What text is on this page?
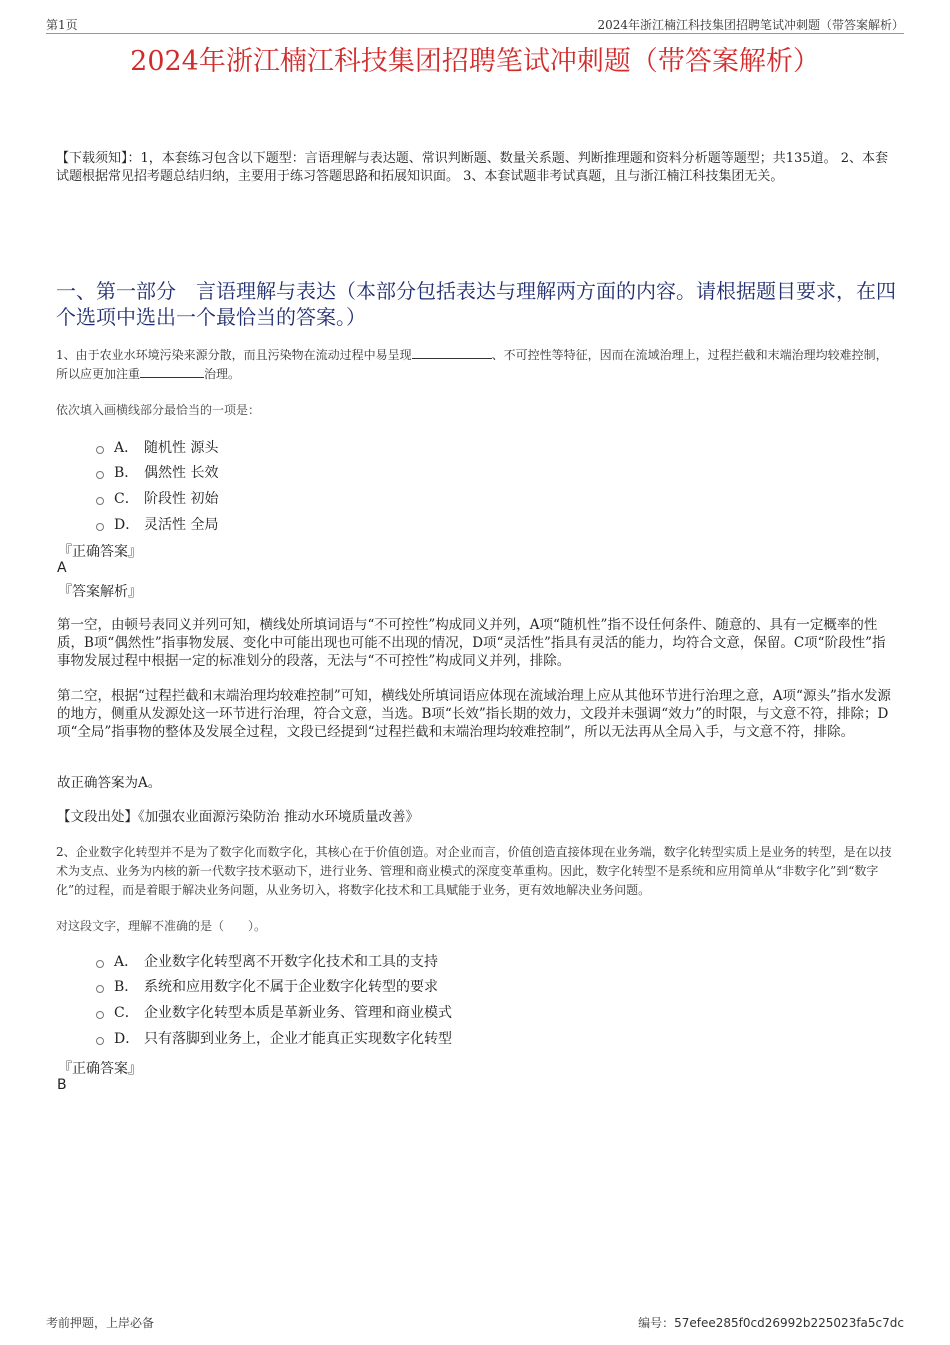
第1页	2024年浙江楠江科技集团招聘笔试冲刺题（带答案解析）
2024年浙江楠江科技集团招聘笔试冲刺题（带答案解析）
【下载须知】：1，本套练习包含以下题型：言语理解与表达题、常识判断题、数量关系题、判断推理题和资料分析题等题型；共135道。 2、本套试题根据常见招考题总结归纳，主要用于练习答题思路和拓展知识面。 3、本套试题非考试真题，且与浙江楠江科技集团无关。
一、第一部分　言语理解与表达（本部分包括表达与理解两方面的内容。请根据题目要求，在四个选项中选出一个最恰当的答案。）
1、由于农业水环境污染来源分散，而且污染物在流动过程中易呈现	、不可控性等特征，因而在流域治理上，过程拦截和末端治理均较难控制，所以应更加注重	治理。
依次填入画横线部分最恰当的一项是：
A． 随机性 源头
B． 偶然性 长效
C． 阶段性 初始
D． 灵活性 全局
『正确答案』
A
『答案解析』
第一空，由顿号表同义并列可知，横线处所填词语与“不可控性”构成同义并列，A项“随机性”指不设任何条件、随意的、具有一定概率的性质，B项“偶然性”指事物发展、变化中可能出现也可能不出现的情况，D项“灵活性”指具有灵活的能力，均符合文意，保留。C项“阶段性”指事物发展过程中根据一定的标准划分的段落，无法与“不可控性”构成同义并列，排除。
第二空，根据“过程拦截和末端治理均较难控制”可知，横线处所填词语应体现在流域治理上应从其他环节进行治理之意，A项“源头”指水发源的地方，侧重从发源处这一环节进行治理，符合文意，当选。B项“长效”指长期的效力，文段并未强调“效力”的时限，与文意不符，排除；D项“全局”指事物的整体及发展全过程，文段已经提到“过程拦截和末端治理均较难控制”，所以无法再从全局入手，与文意不符，排除。
故正确答案为A。
【文段出处】《加强农业面源污染防治 推动水环境质量改善》
2、企业数字化转型并不是为了数字化而数字化，其核心在于价值创造。对企业而言，价值创造直接体现在业务端，数字化转型实质上是业务的转型，是在以技术为支点、业务为内核的新一代数字技术驱动下，进行业务、管理和商业模式的深度变革重构。因此，数字化转型不是系统和应用简单从“非数字化”到“数字化”的过程，而是着眼于解决业务问题，从业务切入，将数字化技术和工具赋能于业务，更有效地解决业务问题。
对这段文字，理解不准确的是（　　）。
A． 企业数字化转型离不开数字化技术和工具的支持
B． 系统和应用数字化不属于企业数字化转型的要求
C． 企业数字化转型本质是革新业务、管理和商业模式
D． 只有落脚到业务上，企业才能真正实现数字化转型
『正确答案』
B
考前押题，上岸必备	编号：57efee285f0cd26992b225023fa5c7dc
